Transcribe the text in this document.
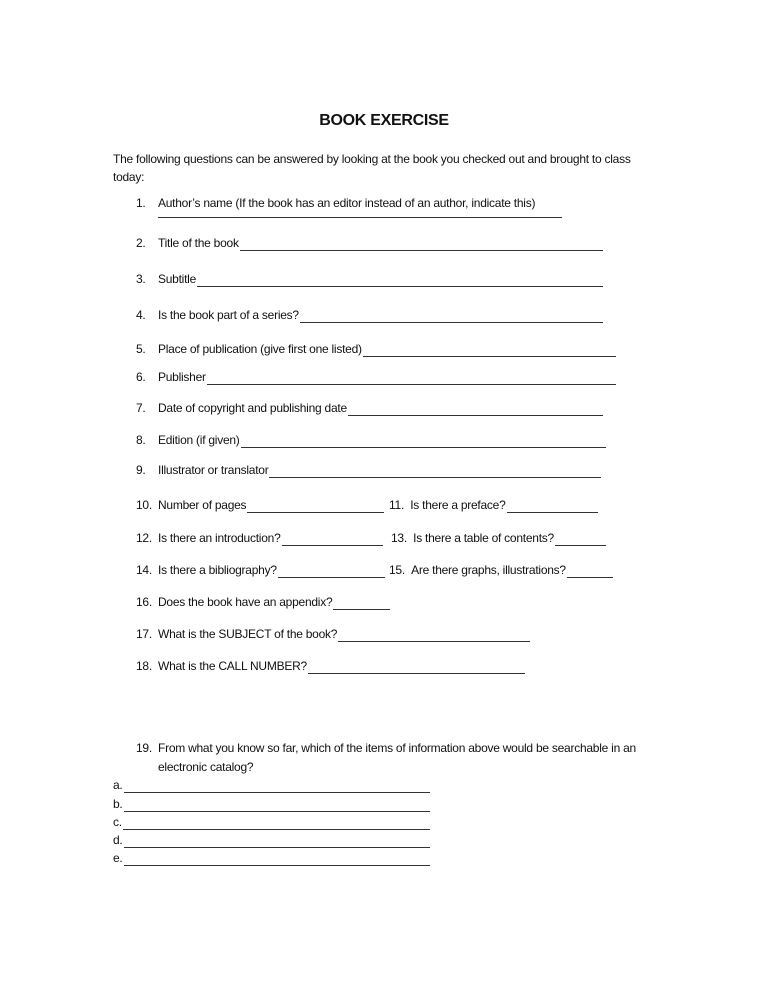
BOOK EXERCISE
The following questions can be answered by looking at the book you checked out and brought to class today:
1. Author’s name (If the book has an editor instead of an author, indicate this)
2. Title of the book
3. Subtitle
4. Is the book part of a series?
5. Place of publication (give first one listed)
6. Publisher
7. Date of copyright and publishing date
8. Edition (if given)
9. Illustrator or translator
10. Number of pages	11.
Is there a preface?
12. Is there an introduction?	13.
Is there a table of contents?
14. Is there a bibliography?	15.
Are there graphs, illustrations?
16. Does the book have an appendix?
17. What is the SUBJECT of the book?
18. What is the CALL NUMBER?
19. From what you know so far, which of the items of information above would be searchable in an
electronic catalog?
a.
b.
c.
d.
e.
